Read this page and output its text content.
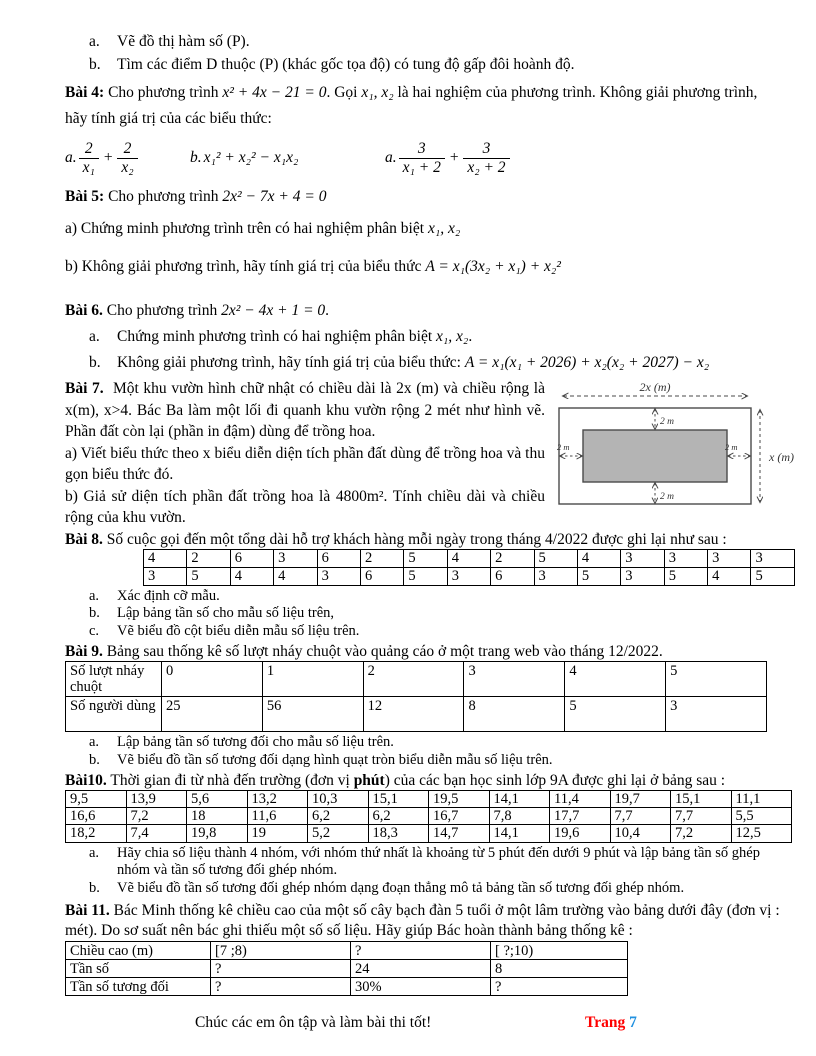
a.	Vẽ đồ thị hàm số (P).
b.	Tìm các điểm D thuộc (P) (khác gốc tọa độ) có tung độ gấp đôi hoành độ.
Bài 4: Cho phương trình x² + 4x − 21 = 0. Gọi x₁, x₂ là hai nghiệm của phương trình. Không giải phương trình,
hãy tính giá trị của các biểu thức:
a. $\frac{2}{\text{x₁}} + \frac{2}{\text{x₂}}$	b. x₁² + x₂² − x₁x₂	a. $\frac{3}{\text{x₁ + 2}} + \frac{3}{\text{x₂ + 2}}$
Bài 5: Cho phương trình 2x² − 7x + 4 = 0
a) Chứng minh phương trình trên có hai nghiệm phân biệt x₁, x₂
b) Không giải phương trình, hãy tính giá trị của biểu thức A = x₁(3x₂ + x₁) + x₂²
Bài 6. Cho phương trình 2x² − 4x + 1 = 0.
a.	Chứng minh phương trình có hai nghiệm phân biệt x₁, x₂.
b.	Không giải phương trình, hãy tính giá trị của biểu thức: A = x₁(x₁ + 2026) + x₂(x₂ + 2027) − x₂
Bài 7. Một khu vườn hình chữ nhật có chiều dài là 2x (m) và chiều rộng là x(m), x>4. Bác Ba làm một lối đi quanh khu vườn rộng 2 mét như hình vẽ. Phần đất còn lại (phần in đậm) dùng để trồng hoa.
a) Viết biểu thức theo x biểu diễn diện tích phần đất dùng để trồng hoa và thu gọn biểu thức đó.
b) Giả sử diện tích phần đất trồng hoa là 4800m². Tính chiều dài và chiều rộng của khu vườn.
2x (m)
x (m)
2 m
2 m
2 m	2 m
Bài 8. Số cuộc gọi đến một tổng dài hỗ trợ khách hàng mỗi ngày trong tháng 4/2022 được ghi lại như sau :
4	2	6	3	6	2	5	4	2	5	4	3	3	3	3
3	5	4	4	3	6	5	3	6	3	5	3	5	4	5
a.	Xác định cỡ mẫu.
b.	Lập bảng tần số cho mẫu số liệu trên,
c.	Vẽ biểu đồ cột biểu diễn mẫu số liệu trên.
Bài 9. Bảng sau thống kê số lượt nháy chuột vào quảng cáo ở một trang web vào tháng 12/2022.
Số lượt nháy chuột	0	1	2	3	4	5
Số người dùng	25	56	12	8	5	3
a.	Lập bảng tần số tương đối cho mẫu số liệu trên.
b.	Vẽ biểu đồ tần số tương đối dạng hình quạt tròn biểu diễn mẫu số liệu trên.
Bài10. Thời gian đi từ nhà đến trường (đơn vị phút) của các bạn học sinh lớp 9A được ghi lại ở bảng sau :
9,5	13,9	5,6	13,2	10,3	15,1	19,5	14,1	11,4	19,7	15,1	11,1
16,6	7,2	18	11,6	6,2	6,2	16,7	7,8	17,7	7,7	7,7	5,5
18,2	7,4	19,8	19	5,2	18,3	14,7	14,1	19,6	10,4	7,2	12,5
a.	Hãy chia số liệu thành 4 nhóm, với nhóm thứ nhất là khoảng từ 5 phút đến dưới 9 phút và lập bảng tần số ghép nhóm và tần số tương đối ghép nhóm.
b.	Vẽ biểu đồ tần số tương đối ghép nhóm dạng đoạn thẳng mô tả bảng tần số tương đối ghép nhóm.
Bài 11. Bác Minh thống kê chiều cao của một số cây bạch đàn 5 tuổi ở một lâm trường vào bảng dưới đây (đơn vị : mét). Do sơ suất nên bác ghi thiếu một số số liệu. Hãy giúp Bác hoàn thành bảng thống kê :
Chiều cao (m)	[7 ;8)	?	[ ?;10)
Tần số	?	24	8
Tần số tương đối	?	30%	?
Chúc các em ôn tập và làm bài thi tốt!	Trang 7
